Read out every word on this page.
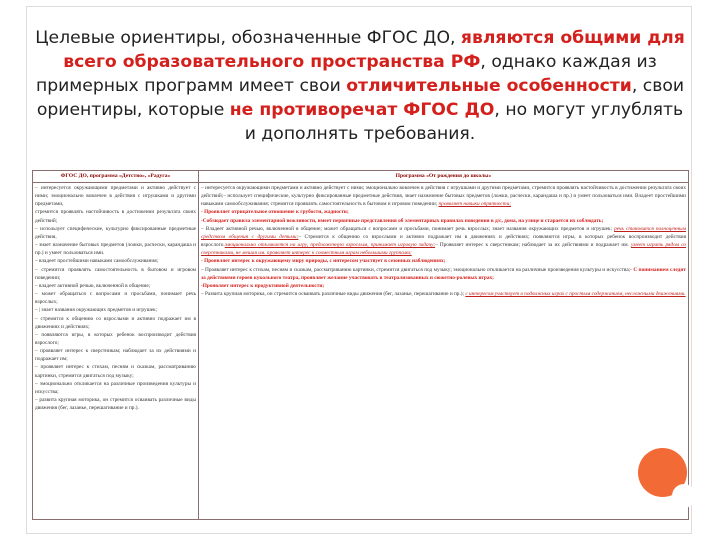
Целевые ориентиры, обозначенные ФГОС ДО, являются общими для всего образовательного пространства РФ, однако каждая из примерных программ имеет свои отличительные особенности, свои ориентиры, которые не противоречат ФГОС ДО, но могут углублять и дополнять требования.
ФГОС ДО, программа «Детство», «Радуга»	Программа «От рождения до школы»
– интересуется окружающими предметами и активно действует с ними; эмоционально вовлечен в действия с игрушками и другими предметами,
стремится проявлять настойчивость в достижении результата своих действий;
– использует специфические, культурно фиксированные предметные действия,
– знает назначение бытовых предметов (ложки, расчески, карандаша и пр.) и умеет пользоваться ими.
– владеет простейшими навыками самообслуживания;
– стремится проявлять самостоятельность в бытовом и игровом поведении;
– владеет активной речью, включенной в общение;
– может обращаться с вопросами и просьбами, понимает речь взрослых;
– | знает названия окружающих предметов и игрушек;
– стремится к общению со взрослыми и активно подражает им в движениях и действиях;
– появляются игры, в которых ребенок воспроизводит действия взрослого;
– проявляет интерес к сверстникам; наблюдает за их действиями и подражает им;
– проявляет интерес к стихам, песням и сказкам, рассматриванию картинки, стремится двигаться под музыку;
– эмоционально откликается на различные произведения культуры и искусства;
– развита крупная моторика, он стремится осваивать различные виды движения (бег, лазанье, перешагивание и пр.).
– интересуется окружающими предметами и активно действует с ними; эмоционально вовлечен в действия с игрушками и другими предметами, стремится проявлять настойчивость в достижении результата своих действий;– использует специфические, культурно фиксированные предметные действия, знает назначение бытовых предметов (ложки, расчески, карандаша и пр.) и умеет пользоваться ими. Владеет простейшими навыками самообслуживания; стремится проявлять самостоятельность в бытовом и игровом поведении; проявляет навыки опрятности;
- Проявляет отрицательное отношение к грубости, жадности;
-Соблюдает правила элементарной вежливости, имеет первичные представления об элементарных правилах поведения в д/с, дома, на улице и старается их соблюдать;
– Владеет активной речью, включенной в общение; может обращаться с вопросами и просьбами, понимает речь взрослых; знает названия окружающих предметов и игрушек; речь становится полноценным средством общения с другими детьми;– Стремится к общению со взрослыми и активно подражает им в движениях и действиях; появляются игры, в которых ребенок воспроизводит действия взрослого.эмоционально откликается на игру, предложенную взрослым, принимает игровую задачу;– Проявляет интерес к сверстникам; наблюдает за их действиями и подражает им. умеет играть рядом со сверстниками, не мешая им. проявляет интерес к совместным играм небольшими группами;
- Проявляет интерес к окружающему миру природы, с интересом участвует в сезонных наблюдениях;
– Проявляет интерес к стихам, песням и сказкам, рассматриванию картинки, стремится двигаться под музыку; эмоционально откликается на различные произведения культуры и искусства;- С пониманием следит за действиями героев кукольного театра, проявляет желание участвовать в театрализованных и сюжетно-ролевых играх;
-Проявляет интерес к продуктивной деятельности;
– Развита крупная моторика, он стремится осваивать различные виды движения (бег, лазанье, перешагивание и пр.); с интересом участвует в подвижных играх с простым содержанием, несложными движениями.
